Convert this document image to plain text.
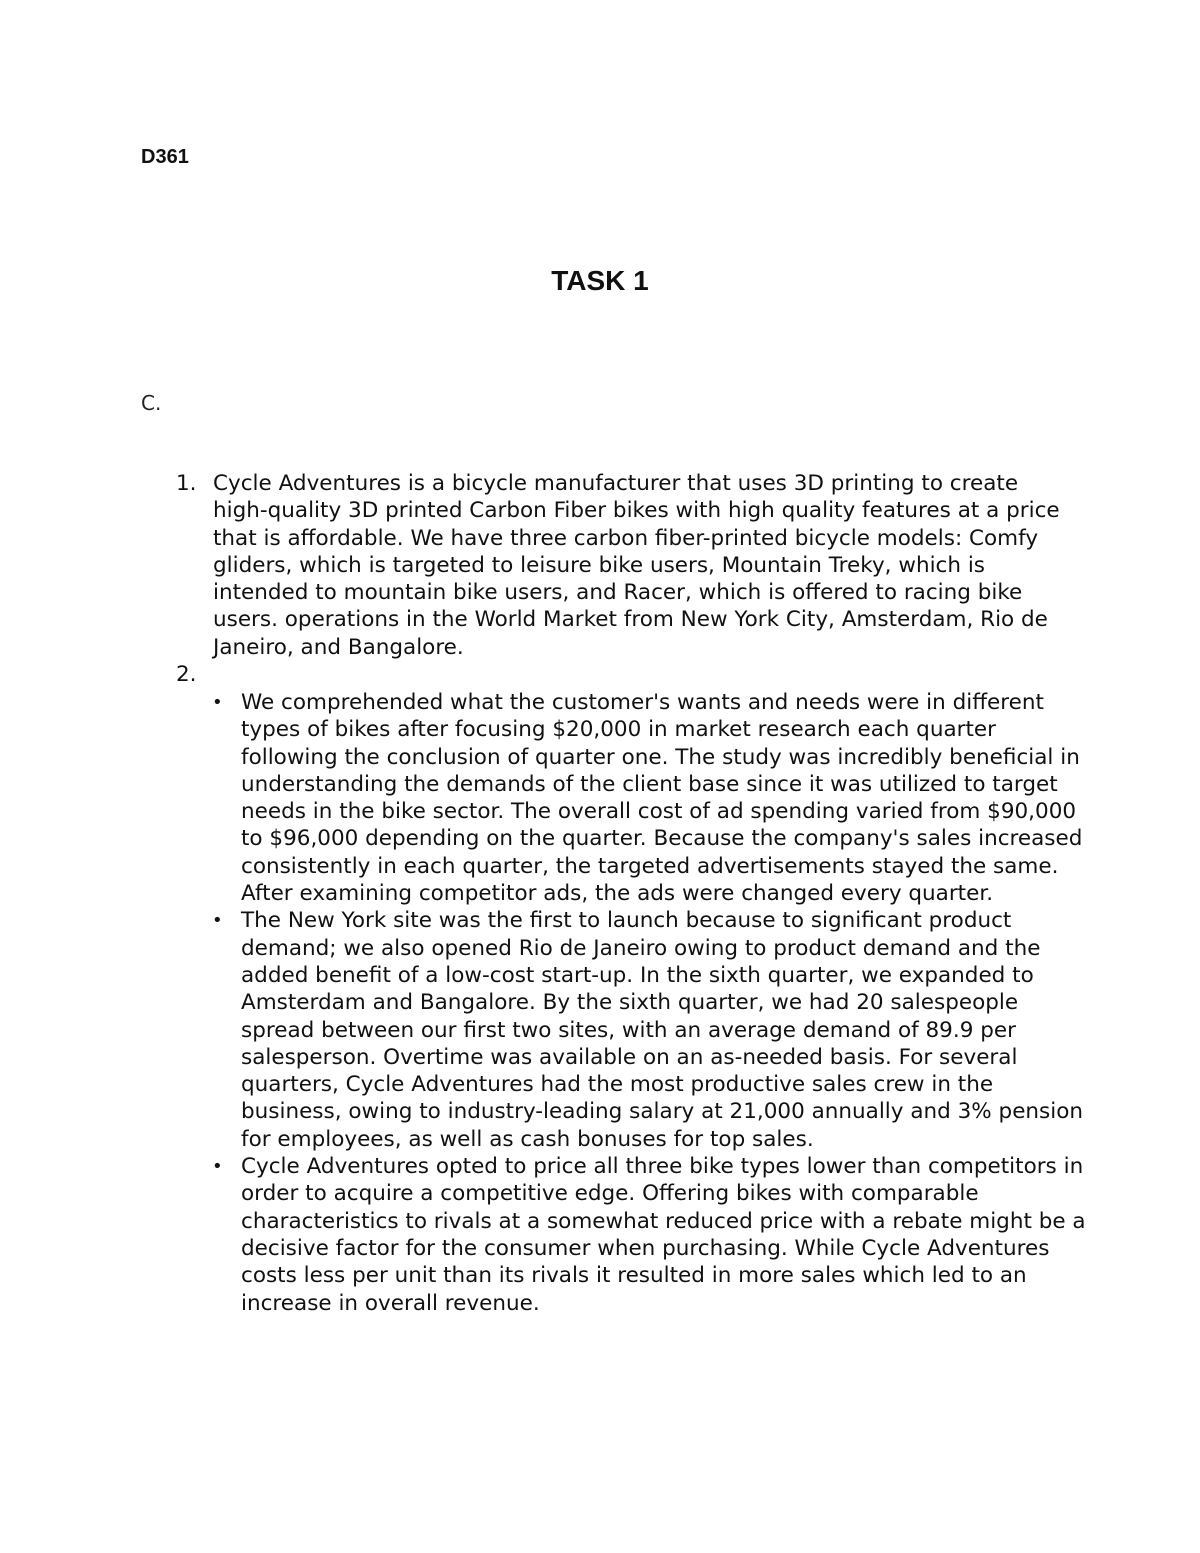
D361
TASK 1
C.
1. Cycle Adventures is a bicycle manufacturer that uses 3D printing to create high-quality 3D printed Carbon Fiber bikes with high quality features at a price that is affordable. We have three carbon fiber-printed bicycle models: Comfy gliders, which is targeted to leisure bike users, Mountain Treky, which is intended to mountain bike users, and Racer, which is offered to racing bike users. operations in the World Market from New York City, Amsterdam, Rio de Janeiro, and Bangalore.
2.
• We comprehended what the customer's wants and needs were in different types of bikes after focusing $20,000 in market research each quarter following the conclusion of quarter one. The study was incredibly beneficial in understanding the demands of the client base since it was utilized to target needs in the bike sector. The overall cost of ad spending varied from $90,000 to $96,000 depending on the quarter. Because the company's sales increased consistently in each quarter, the targeted advertisements stayed the same. After examining competitor ads, the ads were changed every quarter.
• The New York site was the first to launch because to significant product demand; we also opened Rio de Janeiro owing to product demand and the added benefit of a low-cost start-up. In the sixth quarter, we expanded to Amsterdam and Bangalore. By the sixth quarter, we had 20 salespeople spread between our first two sites, with an average demand of 89.9 per salesperson. Overtime was available on an as-needed basis. For several quarters, Cycle Adventures had the most productive sales crew in the business, owing to industry-leading salary at 21,000 annually and 3% pension for employees, as well as cash bonuses for top sales.
• Cycle Adventures opted to price all three bike types lower than competitors in order to acquire a competitive edge. Offering bikes with comparable characteristics to rivals at a somewhat reduced price with a rebate might be a decisive factor for the consumer when purchasing. While Cycle Adventures costs less per unit than its rivals it resulted in more sales which led to an increase in overall revenue.
